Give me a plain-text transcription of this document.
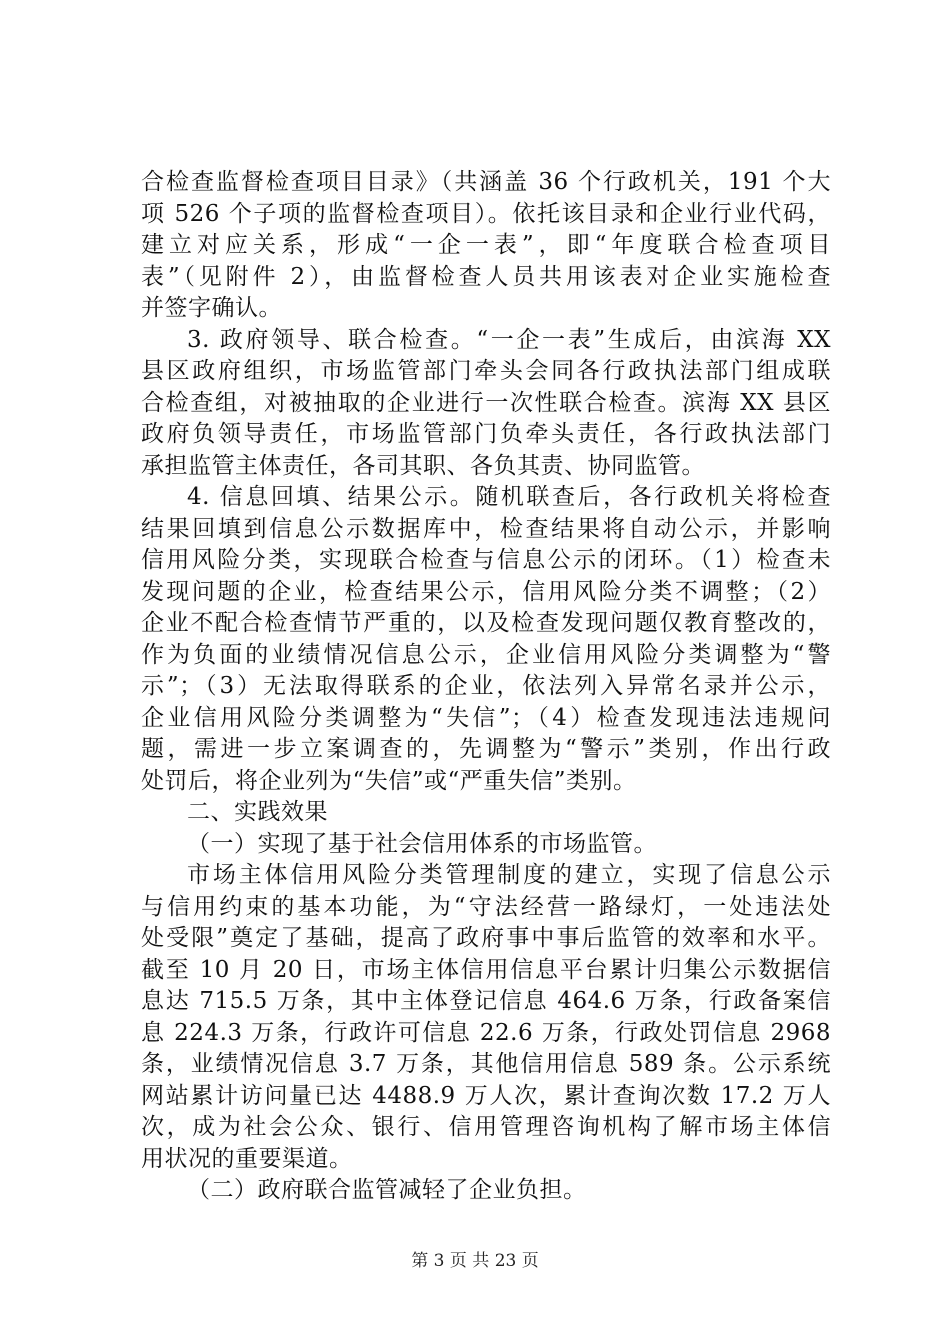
合检查监督检查项目目录》（共涵盖 36 个行政机关，191 个大
项 526 个子项的监督检查项目）。依托该目录和企业行业代码，
建立对应关系，形成“一企一表”，即“年度联合检查项目
表”（见附件 2），由监督检查人员共用该表对企业实施检查
并签字确认。
3. 政府领导、联合检查。“一企一表”生成后，由滨海 XX
县区政府组织，市场监管部门牵头会同各行政执法部门组成联
合检查组，对被抽取的企业进行一次性联合检查。滨海 XX 县区
政府负领导责任，市场监管部门负牵头责任，各行政执法部门
承担监管主体责任，各司其职、各负其责、协同监管。
4. 信息回填、结果公示。随机联查后，各行政机关将检查
结果回填到信息公示数据库中，检查结果将自动公示，并影响
信用风险分类，实现联合检查与信息公示的闭环。（1）检查未
发现问题的企业，检查结果公示，信用风险分类不调整；（2）
企业不配合检查情节严重的，以及检查发现问题仅教育整改的，
作为负面的业绩情况信息公示，企业信用风险分类调整为“警
示”；（3）无法取得联系的企业，依法列入异常名录并公示，
企业信用风险分类调整为“失信”；（4）检查发现违法违规问
题，需进一步立案调查的，先调整为“警示”类别，作出行政
处罚后，将企业列为“失信”或“严重失信”类别。
二、实践效果
（一）实现了基于社会信用体系的市场监管。
市场主体信用风险分类管理制度的建立，实现了信息公示
与信用约束的基本功能，为“守法经营一路绿灯，一处违法处
处受限”奠定了基础，提高了政府事中事后监管的效率和水平。
截至 10 月 20 日，市场主体信用信息平台累计归集公示数据信
息达 715.5 万条，其中主体登记信息 464.6 万条，行政备案信
息 224.3 万条，行政许可信息 22.6 万条，行政处罚信息 2968
条，业绩情况信息 3.7 万条，其他信用信息 589 条。公示系统
网站累计访问量已达 4488.9 万人次，累计查询次数 17.2 万人
次，成为社会公众、银行、信用管理咨询机构了解市场主体信
用状况的重要渠道。
（二）政府联合监管减轻了企业负担。
第 3 页 共 23 页
